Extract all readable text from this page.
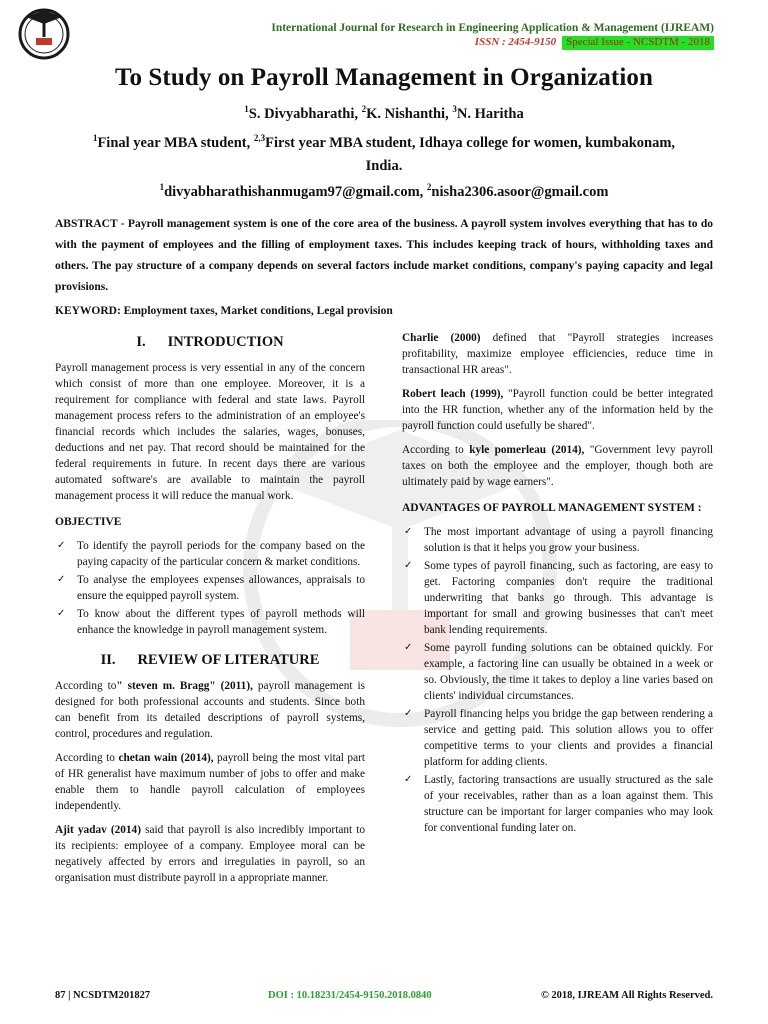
International Journal for Research in Engineering Application & Management (IJREAM)
ISSN : 2454-9150 Special Issue - NCSDTM - 2018
To Study on Payroll Management in Organization

$^1$S. Divyabharathi, $^2$K. Nishanthi, $^3$N. Haritha

$^1$Final year MBA student, $^{2,3}$First year MBA student, Idhaya college for women, kumbakonam,

India.

$^1$divyabharathishanmugam97@gmail.com, $^2$nisha2306.asoor@gmail.com

ABSTRACT - Payroll management system is one of the core area of the business. A payroll system involves everything that has to do with the payment of employees and the filling of employment taxes. This includes keeping track of hours, withholding taxes and others. The pay structure of a company depends on several factors include market conditions, company's paying capacity and legal provisions.

KEYWORD: Employment taxes, Market conditions, Legal provision

I. INTRODUCTION

Payroll management process is very essential in any of the concern which consist of more than one employee. Moreover, it is a requirement for compliance with federal and state laws. Payroll management process refers to the administration of an employee's financial records which includes the salaries, wages, bonuses, deductions and net pay. That record should be maintained for the federal requirements in future. In recent days there are various automated software's are available to maintain the payroll management process it will reduce the manual work.

OBJECTIVE
✓ To identify the payroll periods for the company based on the paying capacity of the particular concern & market conditions.
✓ To analyse the employees expenses allowances, appraisals to ensure the equipped payroll system.
✓ To know about the different types of payroll methods will enhance the knowledge in payroll management system.
II. REVIEW OF LITERATURE

According to" steven m. Bragg" (2011), payroll management is designed for both professional accounts and students. Since both can benefit from its detailed descriptions of payroll systems, control, procedures and regulation.

According to chetan wain (2014), payroll being the most vital part of HR generalist have maximum number of jobs to offer and make enable them to handle payroll calculation of employees independently.

Ajit yadav (2014) said that payroll is also incredibly important to its recipients: employee of a company. Employee moral can be negatively affected by errors and irregulaties in payroll, so an organisation must distribute payroll in a appropriate manner.

Charlie (2000) defined that "Payroll strategies increases profitability, maximize employee efficiencies, reduce time in transactional HR areas".

Robert leach (1999), "Payroll function could be better integrated into the HR function, whether any of the information held by the payroll function could usefully be shared".

According to kyle pomerleau (2014), "Government levy payroll taxes on both the employee and the employer, though both are ultimately paid by wage earners".

ADVANTAGES OF PAYROLL MANAGEMENT SYSTEM :
✓ The most important advantage of using a payroll financing solution is that it helps you grow your business.
✓ Some types of payroll financing, such as factoring, are easy to get. Factoring companies don't require the traditional underwriting that banks go through. This advantage is important for small and growing businesses that can't meet bank lending requirements.
✓ Some payroll funding solutions can be obtained quickly. For example, a factoring line can usually be obtained in a week or so. Obviously, the time it takes to deploy a line varies based on clients' individual circumstances.
✓ Payroll financing helps you bridge the gap between rendering a service and getting paid. This solution allows you to offer competitive terms to your clients and provides a financial platform for adding clients.
✓ Lastly, factoring transactions are usually structured as the sale of your receivables, rather than as a loan against them. This structure can be important for larger companies who may look for conventional funding later on.
87 | NCSDTM201827	DOI : 10.18231/2454-9150.2018.0840	© 2018, IJREAM All Rights Reserved.
